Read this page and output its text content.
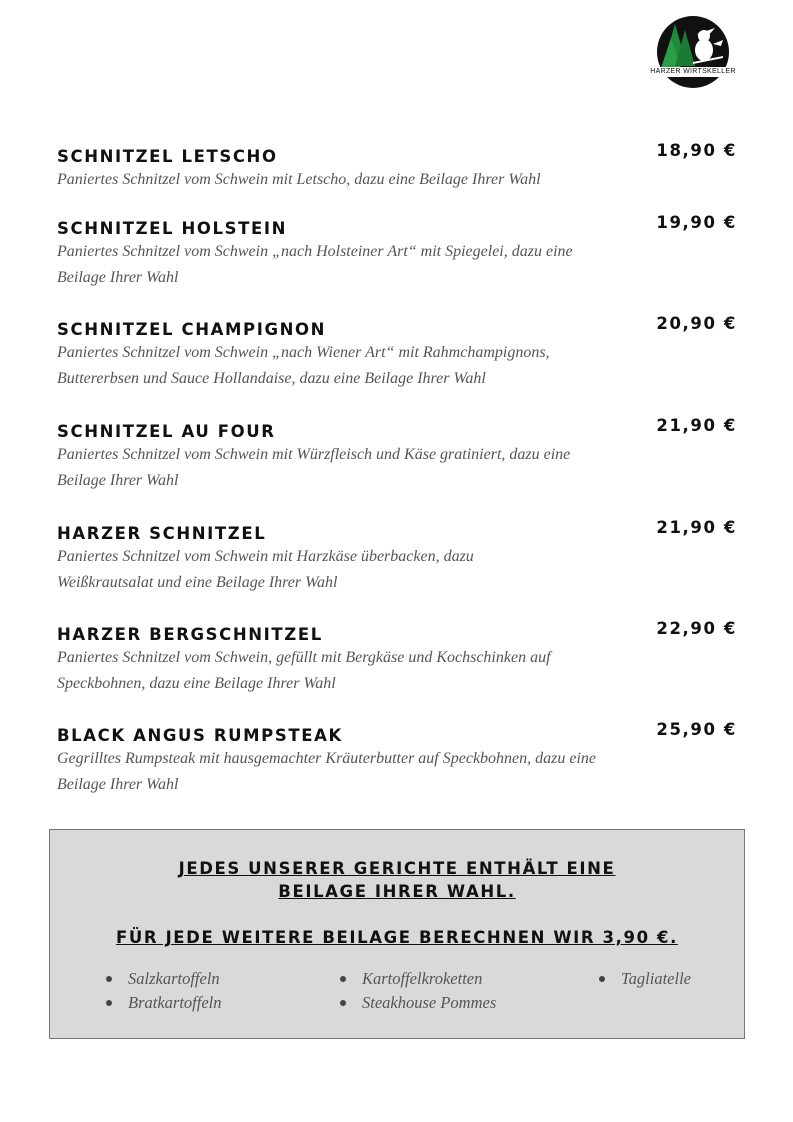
HARZER WIRTSKELLER
SCHNITZEL LETSCHO	18,90 €
Paniertes Schnitzel vom Schwein mit Letscho, dazu eine Beilage Ihrer Wahl
SCHNITZEL HOLSTEIN	19,90 €
Paniertes Schnitzel vom Schwein „nach Holsteiner Art“ mit Spiegelei, dazu eine Beilage Ihrer Wahl
SCHNITZEL CHAMPIGNON	20,90 €
Paniertes Schnitzel vom Schwein „nach Wiener Art“ mit Rahmchampignons, Buttererbsen und Sauce Hollandaise, dazu eine Beilage Ihrer Wahl
SCHNITZEL AU FOUR	21,90 €
Paniertes Schnitzel vom Schwein mit Würzfleisch und Käse gratiniert, dazu eine Beilage Ihrer Wahl
HARZER SCHNITZEL	21,90 €
Paniertes Schnitzel vom Schwein mit Harzkäse überbacken, dazu Weißkrautsalat und eine Beilage Ihrer Wahl
HARZER BERGSCHNITZEL	22,90 €
Paniertes Schnitzel vom Schwein, gefüllt mit Bergkäse und Kochschinken auf Speckbohnen, dazu eine Beilage Ihrer Wahl
BLACK ANGUS RUMPSTEAK	25,90 €
Gegrilltes Rumpsteak mit hausgemachter Kräuterbutter auf Speckbohnen, dazu eine Beilage Ihrer Wahl
JEDES UNSERER GERICHTE ENTHÄLT EINE
BEILAGE IHRER WAHL.
FÜR JEDE WEITERE BEILAGE BERECHNEN WIR 3,90 €.
Salzkartoffeln
Bratkartoffeln
Kartoffelkroketten
Steakhouse Pommes
Tagliatelle
